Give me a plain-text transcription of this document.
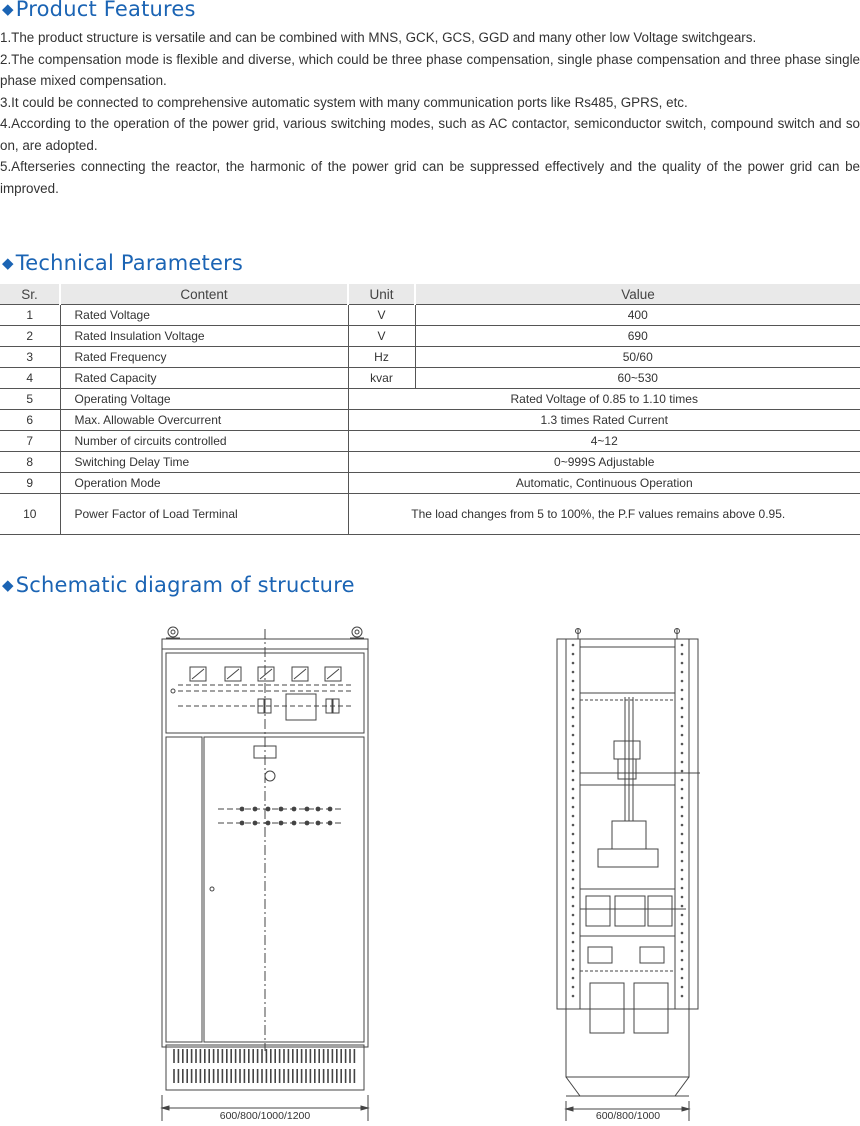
◆Product Features
1.The product structure is versatile and can be combined with MNS, GCK, GCS, GGD and many other low Voltage switchgears.
2.The compensation mode is flexible and diverse, which could be three phase compensation, single phase compensation and three phase single phase mixed compensation.
3.It could be connected to comprehensive automatic system with many communication ports like Rs485, GPRS, etc.
4.According to the operation of the power grid, various switching modes, such as AC contactor, semiconductor switch, compound switch and so on, are adopted.
5.Afterseries connecting the reactor, the harmonic of the power grid can be suppressed effectively and the quality of the power grid can be improved.
◆Technical Parameters
Sr.	Content	Unit	Value
1	Rated Voltage	V	400
2	Rated Insulation Voltage	V	690
3	Rated Frequency	Hz	50/60
4	Rated Capacity	kvar	60~530
5	Operating Voltage	Rated Voltage of 0.85 to 1.10 times	
6	Max. Allowable Overcurrent	1.3 times Rated Current	
7	Number of circuits controlled	4~12	
8	Switching Delay Time	0~999S Adjustable	
9	Operation Mode	Automatic, Continuous Operation	
10	Power Factor of Load Terminal	The load changes from 5 to 100%, the P.F values remains above 0.95.	
◆Schematic diagram of structure
600/800/1000/1200	600/800/1000
